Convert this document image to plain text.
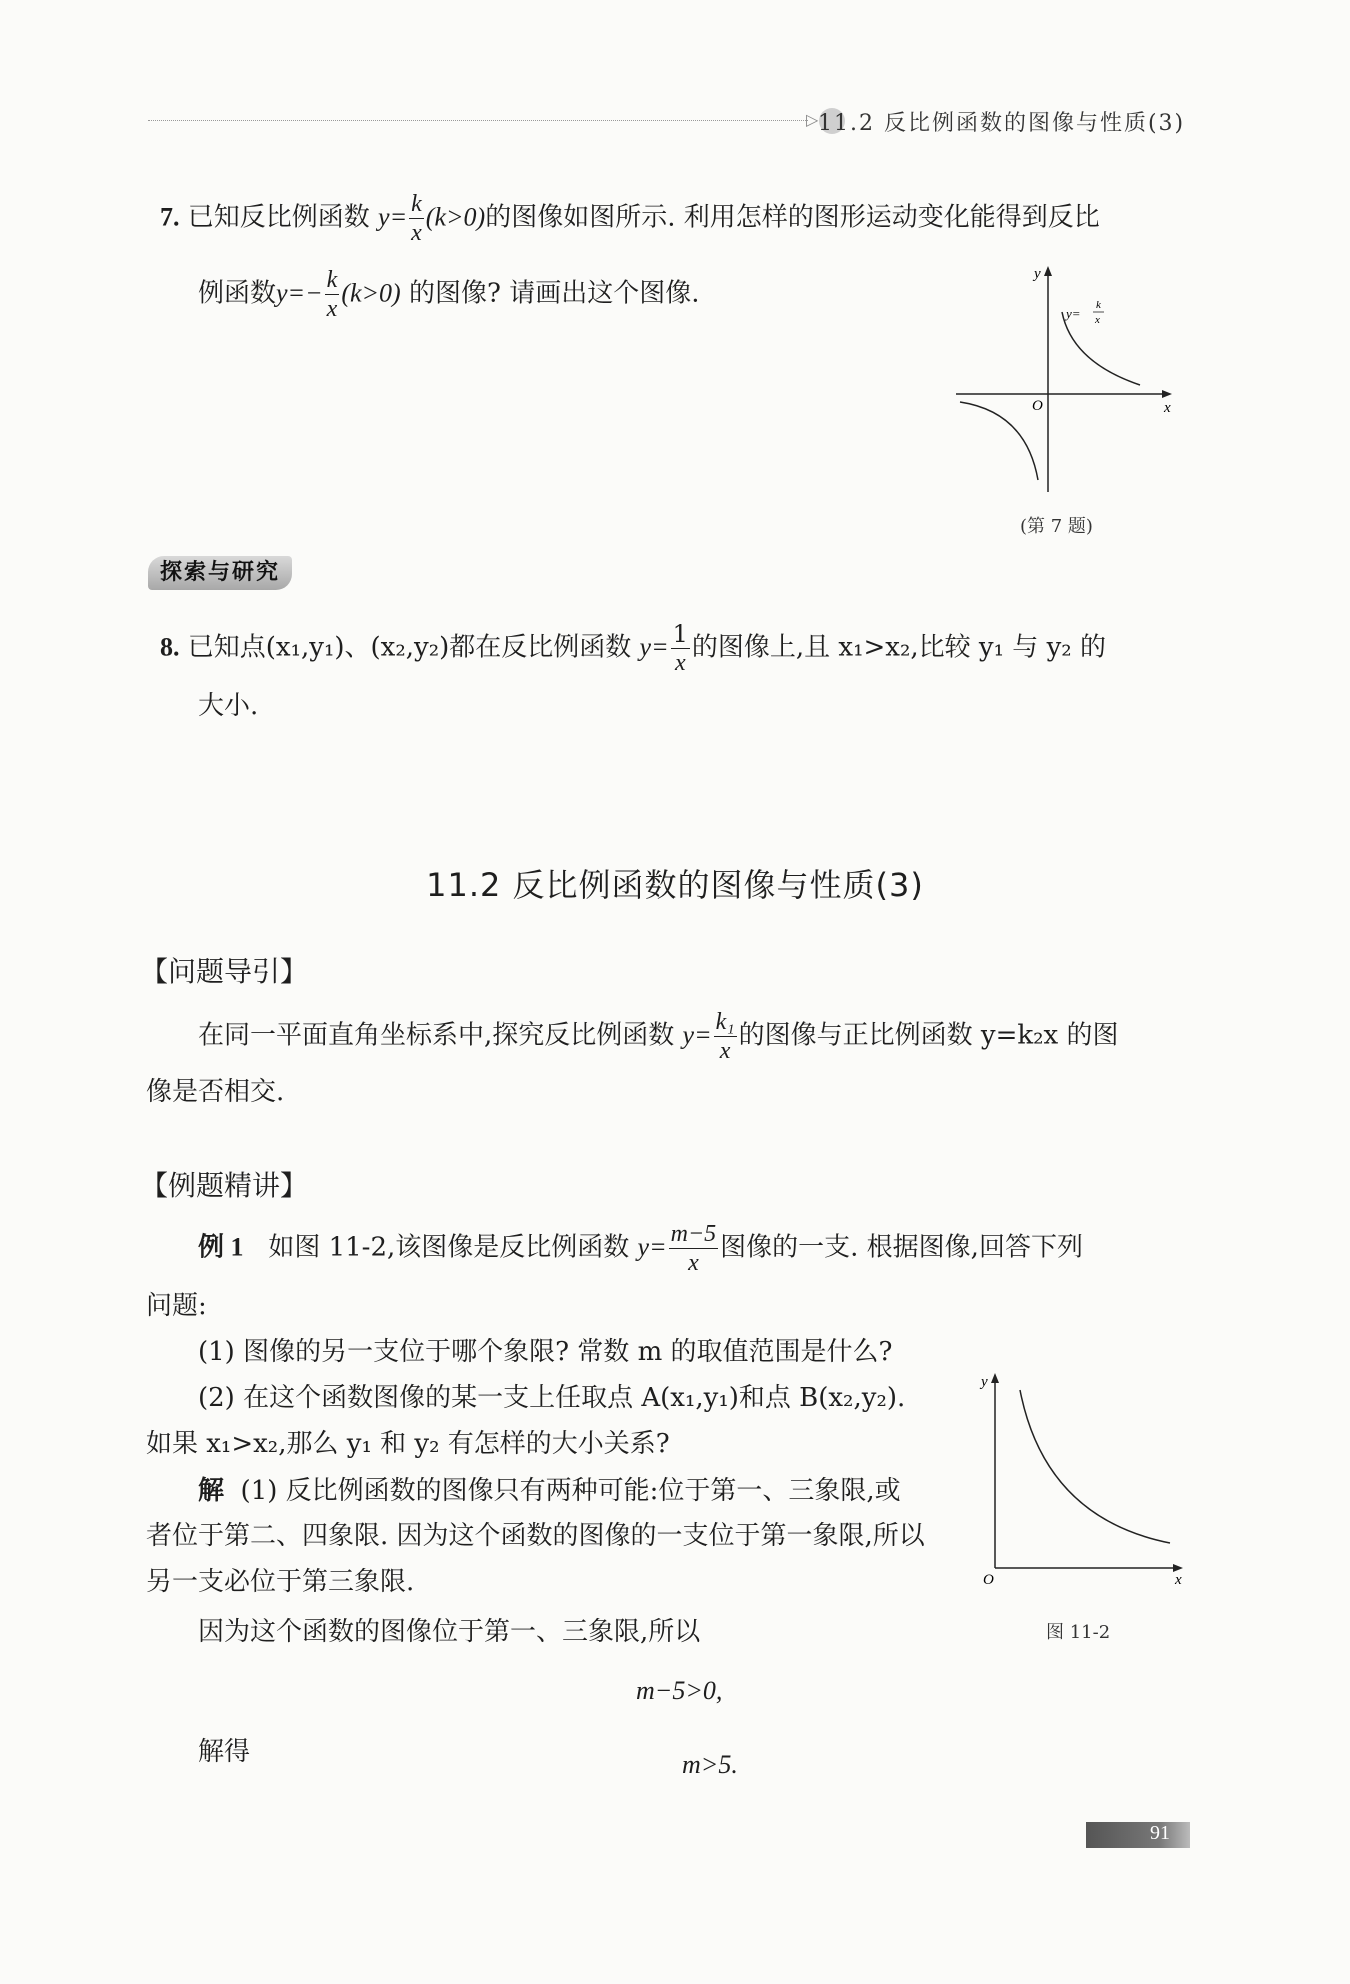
▷ 11.2 反比例函数的图像与性质(3)
7. 已知反比例函数 $y= \frac{k}{x} (k>0)$的图像如图所示. 利用怎样的图形运动变化能得到反比
例函数$y=- \frac{k}{x} (k>0)$ 的图像? 请画出这个图像.
y
x
O
y=
k
x
(第 7 题)
探索与研究
8. 已知点(x₁,y₁)、(x₂,y₂)都在反比例函数 $y= \frac{1}{x}$ 的图像上,且 x₁>x₂,比较 y₁ 与 y₂ 的
大小.
11.2 反比例函数的图像与性质(3)
【问题导引】
在同一平面直角坐标系中,探究反比例函数 $y= \frac{\text{k₁}}{x}$ 的图像与正比例函数 y=k₂x 的图
像是否相交.
【例题精讲】
例 1 如图 11-2,该图像是反比例函数 $y= \frac{m-5}{x}$ 图像的一支. 根据图像,回答下列
问题:
(1) 图像的另一支位于哪个象限? 常数 m 的取值范围是什么?
(2) 在这个函数图像的某一支上任取点 A(x₁,y₁)和点 B(x₂,y₂).
如果 x₁>x₂,那么 y₁ 和 y₂ 有怎样的大小关系?
解 (1) 反比例函数的图像只有两种可能:位于第一、三象限,或
者位于第二、四象限. 因为这个函数的图像的一支位于第一象限,所以
另一支必位于第三象限.
因为这个函数的图像位于第一、三象限,所以
m−5>0,
解得	m>5.
y
x
O
图 11-2
91
